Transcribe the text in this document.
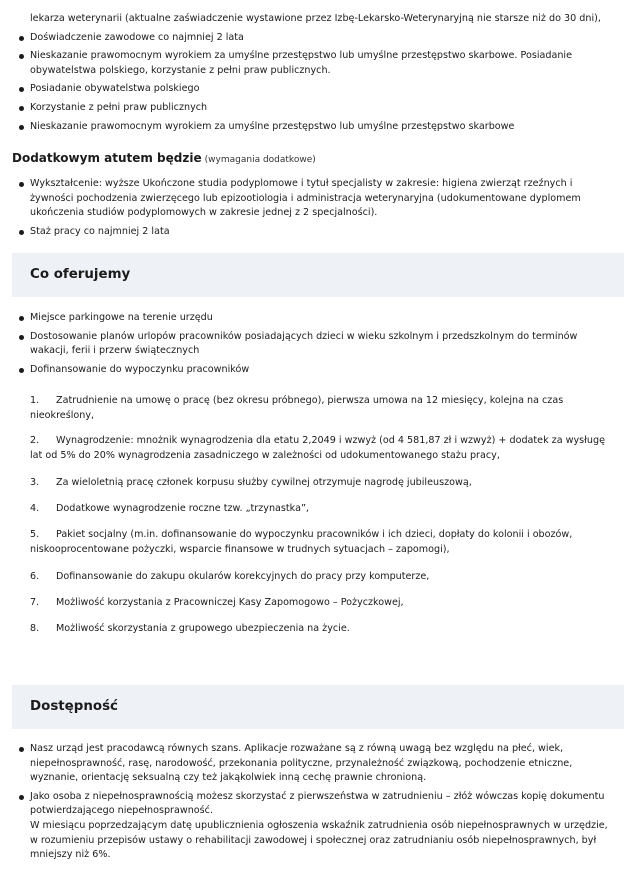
lekarza weterynarii (aktualne zaświadczenie wystawione przez Izbę-Lekarsko-Weterynaryjną nie starsze niż do 30 dni),
Doświadczenie zawodowe co najmniej 2 lata
Nieskazanie prawomocnym wyrokiem za umyślne przestępstwo lub umyślne przestępstwo skarbowe. Posiadanie obywatelstwa polskiego, korzystanie z pełni praw publicznych.
Posiadanie obywatelstwa polskiego
Korzystanie z pełni praw publicznych
Nieskazanie prawomocnym wyrokiem za umyślne przestępstwo lub umyślne przestępstwo skarbowe
Dodatkowym atutem będzie (wymagania dodatkowe)
Wykształcenie: wyższe Ukończone studia podyplomowe i tytuł specjalisty w zakresie: higiena zwierząt rzeźnych i żywności pochodzenia zwierzęcego lub epizootiologia i administracja weterynaryjna (udokumentowane dyplomem ukończenia studiów podyplomowych w zakresie jednej z 2 specjalności).
Staż pracy co najmniej 2 lata
Co oferujemy
Miejsce parkingowe na terenie urzędu
Dostosowanie planów urlopów pracowników posiadających dzieci w wieku szkolnym i przedszkolnym do terminów wakacji, ferii i przerw świątecznych
Dofinansowanie do wypoczynku pracowników
1. Zatrudnienie na umowę o pracę (bez okresu próbnego), pierwsza umowa na 12 miesięcy, kolejna na czas nieokreślony,
2. Wynagrodzenie: mnożnik wynagrodzenia dla etatu 2,2049 i wzwyż (od 4 581,87 zł i wzwyż) + dodatek za wysługę lat od 5% do 20% wynagrodzenia zasadniczego w zależności od udokumentowanego stażu pracy,
3. Za wieloletnią pracę członek korpusu służby cywilnej otrzymuje nagrodę jubileuszową,
4. Dodatkowe wynagrodzenie roczne tzw. „trzynastka”,
5. Pakiet socjalny (m.in. dofinansowanie do wypoczynku pracowników i ich dzieci, dopłaty do kolonii i obozów, niskooprocentowane pożyczki, wsparcie finansowe w trudnych sytuacjach – zapomogi),
6. Dofinansowanie do zakupu okularów korekcyjnych do pracy przy komputerze,
7. Możliwość korzystania z Pracowniczej Kasy Zapomogowo – Pożyczkowej,
8. Możliwość skorzystania z grupowego ubezpieczenia na życie.
Dostępność
Nasz urząd jest pracodawcą równych szans. Aplikacje rozważane są z równą uwagą bez względu na płeć, wiek, niepełnosprawność, rasę, narodowość, przekonania polityczne, przynależność związkową, pochodzenie etniczne, wyznanie, orientację seksualną czy też jakąkolwiek inną cechę prawnie chronioną.
Jako osoba z niepełnosprawnością możesz skorzystać z pierwszeństwa w zatrudnieniu – złóż wówczas kopię dokumentu potwierdzającego niepełnosprawność.
W miesiącu poprzedzającym datę upublicznienia ogłoszenia wskaźnik zatrudnienia osób niepełnosprawnych w urzędzie, w rozumieniu przepisów ustawy o rehabilitacji zawodowej i społecznej oraz zatrudnianiu osób niepełnosprawnych, był mniejszy niż 6%.
